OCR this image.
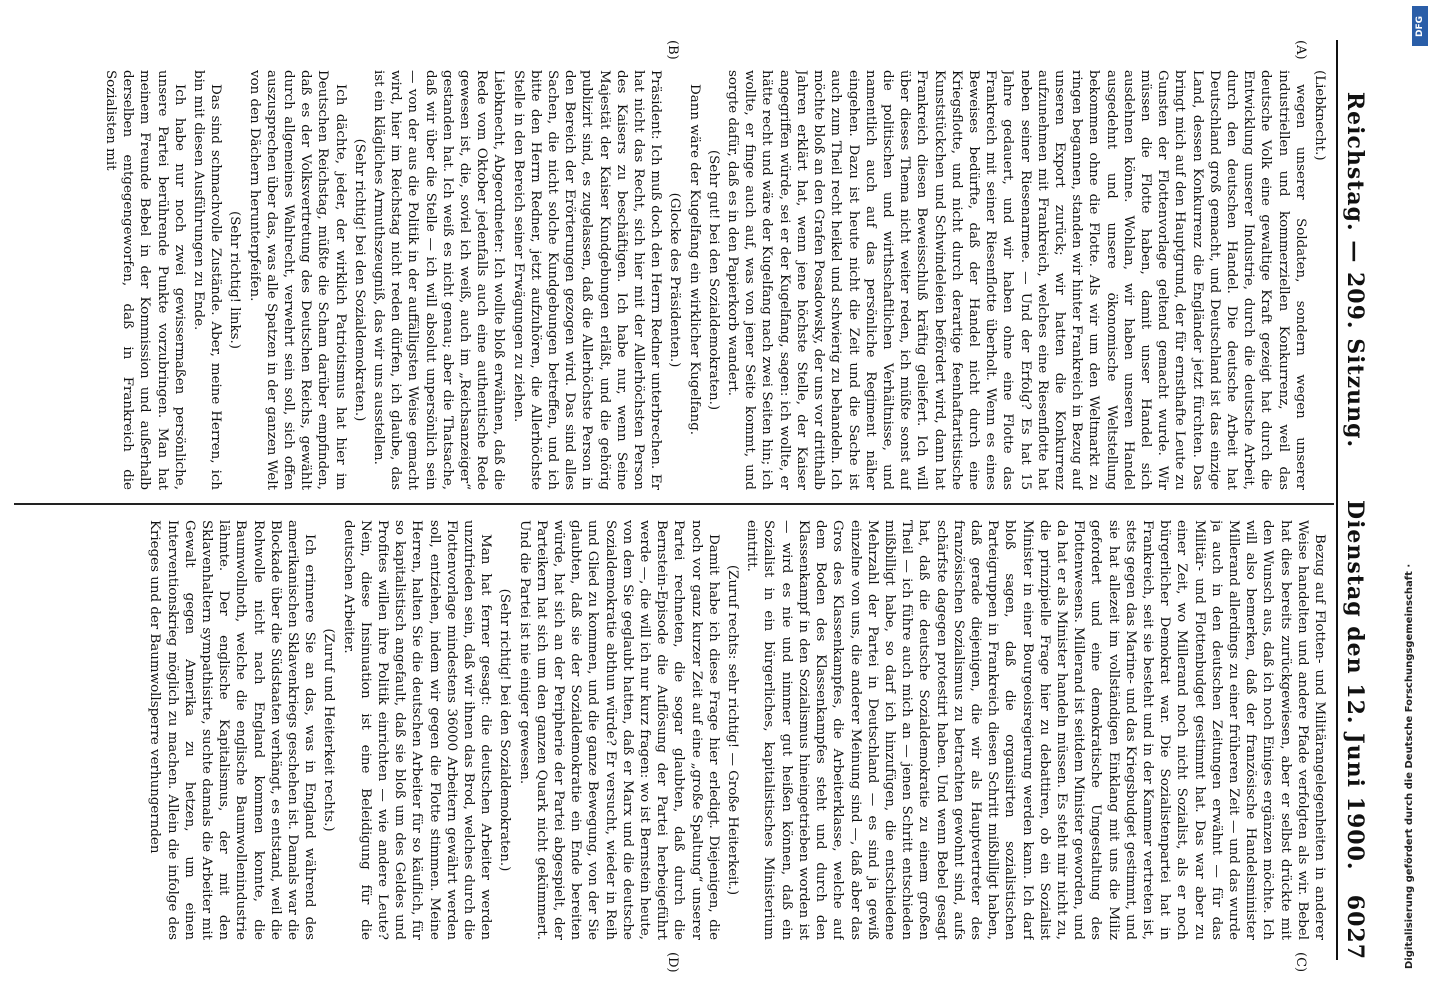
Reichstag. — 209. Sitzung.
Dienstag den 12. Juni 1900.
6027
(A)
(B)
(C)
(D)

(Liebknecht.)

wegen unserer Soldaten, sondern wegen unserer industriellen und kommerziellen Konkurrenz, weil das deutsche Volk eine gewaltige Kraft gezeigt hat durch die Entwicklung unserer Industrie, durch die deutsche Arbeit, durch den deutschen Handel. Die deutsche Arbeit hat Deutschland groß gemacht, und Deutschland ist das einzige Land, dessen Konkurrenz die Engländer jetzt fürchten. Das bringt mich auf den Hauptgrund, der für ernsthafte Leute zu Gunsten der Flottenvorlage geltend gemacht wurde. Wir müssen die Flotte haben, damit unser Handel sich ausdehnen könne. Wohlan, wir haben unseren Handel ausgedehnt und unsere ökonomische Weltstellung bekommen ohne die Flotte. Als wir um den Weltmarkt zu ringen begannen, standen wir hinter Frankreich in Bezug auf unseren Export zurück; wir hatten die Konkurrenz aufzunehmen mit Frankreich, welches eine Riesenflotte hat neben seiner Riesenarmee. — Und der Erfolg? Es hat 15 Jahre gedauert, und wir haben ohne eine Flotte das Frankreich mit seiner Riesenflotte überholt. Wenn es eines Beweises bedürfte, daß der Handel nicht durch eine Kriegsflotte, und nicht durch derartige feenhaftartistische Kunststückchen und Schwindeleien befördert wird, dann hat Frankreich diesen Beweisschluß kräftig geliefert. Ich will über dieses Thema nicht weiter reden, ich müßte sonst auf die politischen und wirthschaftlichen Verhältnisse, und namentlich auch auf das persönliche Regiment näher eingehen. Dazu ist heute nicht die Zeit und die Sache ist auch zum Theil recht heikel und schwierig zu behandeln. Ich möchte bloß an den Grafen Posadowsky, der uns vor dritthalb Jahren erklärt hat, wenn jene höchste Stelle, der Kaiser angegriffen würde, sei er der Kugelfang, sagen: ich wollte, er hätte recht und wäre der Kugelfang nach zwei Seiten hin; ich wollte, er finge auch auf, was von jener Seite kommt, und sorgte dafür, daß es in den Papierkorb wandert.

(Sehr gut! bei den Sozialdemokraten.)

Dann wäre der Kugelfang ein wirklicher Kugelfang.

(Glocke des Präsidenten.)

Präsident: Ich muß doch den Herrn Redner unterbrechen. Er hat nicht das Recht, sich hier mit der Allerhöchsten Person des Kaisers zu beschäftigen. Ich habe nur, wenn Seine Majestät der Kaiser Kundgebungen erläßt, und die gehörig publizirt sind, es zugelassen, daß die Allerhöchste Person in den Bereich der Erörterungen gezogen wird. Das sind alles Sachen, die nicht solche Kundgebungen betreffen, und ich bitte den Herrn Redner, jetzt aufzuhören, die Allerhöchste Stelle in den Bereich seiner Erwägungen zu ziehen.

Liebknecht, Abgeordneter: Ich wollte bloß erwähnen, daß die Rede vom Oktober jedenfalls auch eine authentische Rede gewesen ist, die, soviel ich weiß, auch im „Reichsanzeiger“ gestanden hat. Ich weiß es nicht genau; aber die Thatsache, daß wir über die Stelle — ich will absolut unpersönlich sein — von der aus die Politik in der auffälligsten Weise gemacht wird, hier im Reichstag nicht reden dürfen, ich glaube, das ist ein klägliches Armuthszeugniß, das wir uns ausstellen.

(Sehr richtig! bei den Sozialdemokraten.)

Ich dächte, jeder, der wirklich Patriotismus hat hier im Deutschen Reichstag, müßte die Scham darüber empfinden, daß es der Volksvertretung des Deutschen Reichs, gewählt durch allgemeines Wahlrecht, verwehrt sein soll, sich offen auszusprechen über das, was alle Spatzen in der ganzen Welt von den Dächern herunterpfeifen.

(Sehr richtig! links.)

Das sind schmachvolle Zustände. Aber, meine Herren, ich bin mit diesen Ausführungen zu Ende.

Ich habe nur noch zwei gewissermaßen persönliche, unsere Partei berührende Punkte vorzubringen. Man hat meinem Freunde Bebel in der Kommission und außerhalb derselben entgegengeworfen, daß in Frankreich die Sozialisten mit

Bezug auf Flotten- und Militärangelegenheiten in anderer Weise handelten und andere Pfade verfolgten als wir. Bebel hat dies bereits zurückgewiesen, aber er selbst drückte mit den Wunsch aus, daß ich noch Einiges ergänzen möchte. Ich will also bemerken, daß der französische Handelsminister Millerand allerdings zu einer früheren Zeit — und das wurde ja auch in den deutschen Zeitungen erwähnt — für das Militär- und Flottenbudget gestimmt hat. Das war aber zu einer Zeit, wo Millerand noch nicht Sozialist, als er noch bürgerlicher Demokrat war. Die Sozialistenpartei hat in Frankreich, seit sie besteht und in der Kammer vertreten ist, stets gegen das Marine- und das Kriegsbudget gestimmt, und sie hat allezeit im vollständigen Einklang mit uns die Miliz gefordert und eine demokratische Umgestaltung des Flottenwesens. Millerand ist seitdem Minister geworden, und da hat er als Minister handeln müssen. Es steht mir nicht zu, die prinzipielle Frage hier zu debattiren, ob ein Sozialist Minister in einer Bourgeoisregierung werden kann. Ich darf bloß sagen, daß die organisirten sozialistischen Parteigruppen in Frankreich diesen Schritt mißbilligt haben, daß gerade diejenigen, die wir als Hauptvertreter des französischen Sozialismus zu betrachten gewohnt sind, aufs schärfste dagegen protestirt haben. Und wenn Bebel gesagt hat, daß die deutsche Sozialdemokratie zu einem großen Theil — ich führe auch mich an — jenen Schritt entschieden mißbilligt habe, so darf ich hinzufügen, die entschiedene Mehrzahl der Partei in Deutschland — es sind ja gewiß einzelne von uns, die anderer Meinung sind —, daß aber das Gros des Klassenkampfes, die Arbeiterklasse, welche auf dem Boden des Klassenkampfes steht und durch den Klassenkampf in den Sozialismus hineingetrieben worden ist — wird es nie und nimmer gut heißen können, daß ein Sozialist in ein bürgerliches, kapitalistisches Ministerium eintritt.

(Zuruf rechts: sehr richtig! — Große Heiterkeit.)

Damit habe ich diese Frage hier erledigt. Diejenigen, die noch vor ganz kurzer Zeit auf eine „große Spaltung“ unserer Partei rechneten, die sogar glaubten, daß durch die Bernstein-Episode die Auflösung der Partei herbeigeführt werde —, die will ich nur kurz fragen: wo ist Bernstein heute, von dem Sie geglaubt hatten, daß er Marx und die deutsche Sozialdemokratie abthun würde? Er versucht, wieder in Reih und Glied zu kommen, und die ganze Bewegung, von der Sie glaubten, daß sie der Sozialdemokratie ein Ende bereiten würde, hat sich an der Peripherie der Partei abgespielt, der Parteikern hat sich um den ganzen Quark nicht gekümmert. Und die Partei ist nie einiger gewesen.

(Sehr richtig! bei den Sozialdemokraten.)

Man hat ferner gesagt: die deutschen Arbeiter werden unzufrieden sein, daß wir ihnen das Brod, welches durch die Flottenvorlage mindestens 36000 Arbeitern gewährt werden soll, entziehen, indem wir gegen die Flotte stimmen. Meine Herren, halten Sie die deutschen Arbeiter für so käuflich, für so kapitalistisch angefault, daß sie bloß um des Geldes und Profites willen ihre Politik einrichten — wie andere Leute? Nein, diese Insinuation ist eine Beleidigung für die deutschen Arbeiter.

(Zuruf und Heiterkeit rechts.)

Ich erinnere Sie an das, was in England während des amerikanischen Sklavenkriegs geschehen ist. Damals war die Blockade über die Südstaaten verhängt, es entstand, weil die Rohwolle nicht nach England kommen konnte, die Baumwollnoth, welche die englische Baumwollenindustrie lähmte. Der englische Kapitalismus, der mit den Sklavenhaltern sympathisirte, suchte damals die Arbeiter mit Gewalt gegen Amerika zu hetzen, um einen Interventionskrieg möglich zu machen. Allein die infolge des Krieges und der Baumwollsperre verhungernden	Digitalisierung gefördert durch die Deutsche Forschungsgemeinschaft ·
DFG
